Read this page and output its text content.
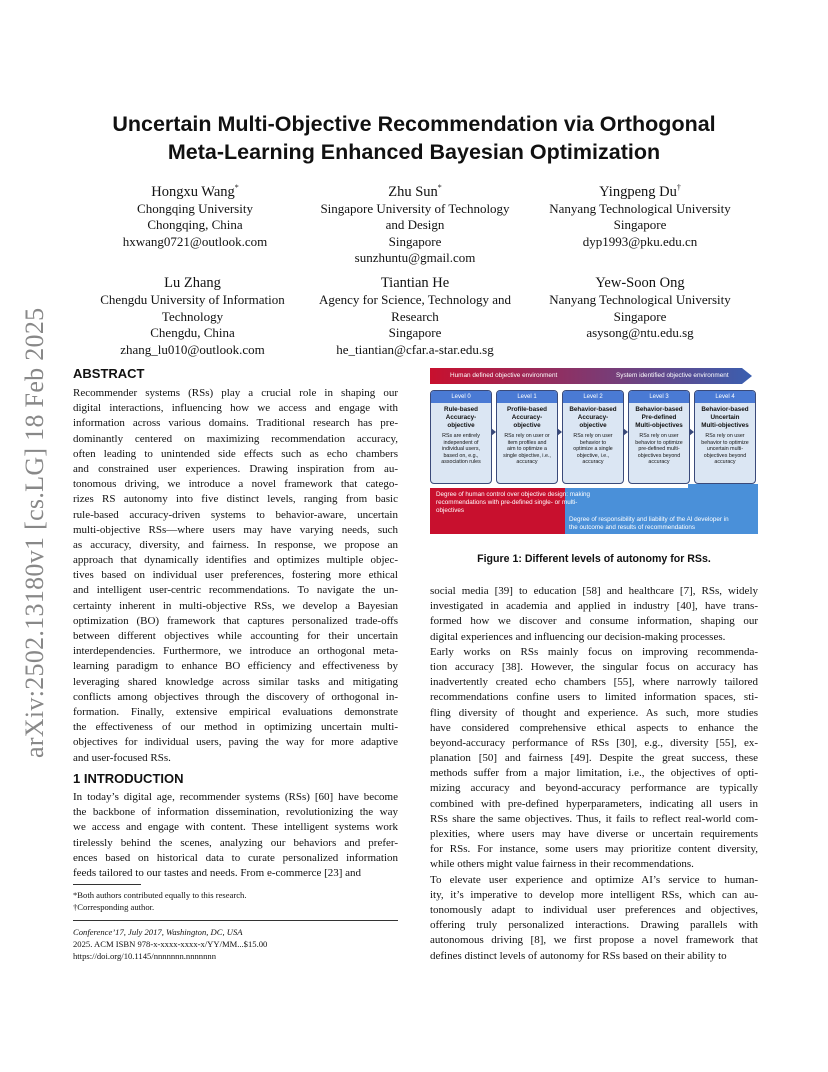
Uncertain Multi-Objective Recommendation via Orthogonal
Meta-Learning Enhanced Bayesian Optimization
Hongxu Wang*
Chongqing University
Chongqing, China
hxwang0721@outlook.com
Zhu Sun*
Singapore University of Technology
and Design
Singapore
sunzhuntu@gmail.com
Yingpeng Du†
Nanyang Technological University
Singapore
dyp1993@pku.edu.cn
Lu Zhang
Chengdu University of Information
Technology
Chengdu, China
zhang_lu010@outlook.com
Tiantian He
Agency for Science, Technology and
Research
Singapore
he_tiantian@cfar.a-star.edu.sg
Yew-Soon Ong
Nanyang Technological University
Singapore
asysong@ntu.edu.sg
arXiv:2502.13180v1 [cs.LG] 18 Feb 2025 ABSTRACT
Recommender systems (RSs) play a crucial role in shaping our
digital interactions, influencing how we access and engage with
information across various domains. Traditional research has pre-
dominantly centered on maximizing recommendation accuracy,
often leading to unintended side effects such as echo chambers
and constrained user experiences. Drawing inspiration from au-
tonomous driving, we introduce a novel framework that catego-
rizes RS autonomy into five distinct levels, ranging from basic
rule-based accuracy-driven systems to behavior-aware, uncertain
multi-objective RSs—where users may have varying needs, such
as accuracy, diversity, and fairness. In response, we propose an
approach that dynamically identifies and optimizes multiple objec-
tives based on individual user preferences, fostering more ethical
and intelligent user-centric recommendations. To navigate the un-
certainty inherent in multi-objective RSs, we develop a Bayesian
optimization (BO) framework that captures personalized trade-offs
between different objectives while accounting for their uncertain
interdependencies. Furthermore, we introduce an orthogonal meta-
learning paradigm to enhance BO efficiency and effectiveness by
leveraging shared knowledge across similar tasks and mitigating
conflicts among objectives through the discovery of orthogonal in-
formation. Finally, extensive empirical evaluations demonstrate
the effectiveness of our method in optimizing uncertain multi-
objectives for individual users, paving the way for more adaptive
and user-focused RSs.
1 INTRODUCTION
In today’s digital age, recommender systems (RSs) [60] have become
the backbone of information dissemination, revolutionizing the way
we access and engage with content. These intelligent systems work
tirelessly behind the scenes, analyzing our behaviors and prefer-
ences based on historical data to curate personalized information
feeds tailored to our tastes and needs. From e-commerce [23] and
*Both authors contributed equally to this research.
†Corresponding author.
Conference’17, July 2017, Washington, DC, USA
2025. ACM ISBN 978-x-xxxx-xxxx-x/YY/MM...$15.00
https://doi.org/10.1145/nnnnnnn.nnnnnnn
Human defined objective environment	System identified objective environment
Level 0
Rule-based
Accuracy-
objective
RSs are entirely
independent of
individual users,
based on, e.g.,
association rules
Level 1
Profile-based
Accuracy-
objective
RSs rely on user or
item profiles and
aim to optimize a
single objective, i.e.,
accuracy
Level 2
Behavior-based
Accuracy-
objective
RSs rely on user
behavior to
optimize a single
objective, i.e.,
accuracy
Level 3
Behavior-based
Pre-defined
Multi-objectives
RSs rely on user
behavior to optimize
pre-defined multi-
objectives beyond
accuracy
Level 4
Behavior-based
Uncertain
Multi-objectives
RSs rely on user
behavior to optimize
uncertain multi-
objectives beyond
accuracy
Degree of human control over objective design: making
recommendations with pre-defined single- or multi-
objectives
Degree of responsibility and liability of the AI developer in
the outcome and results of recommendations
Figure 1: Different levels of autonomy for RSs.
social media [39] to education [58] and healthcare [7], RSs, widely
investigated in academia and applied in industry [40], have trans-
formed how we discover and consume information, shaping our
digital experiences and influencing our decision-making processes.
Early works on RSs mainly focus on improving recommenda-
tion accuracy [38]. However, the singular focus on accuracy has
inadvertently created echo chambers [55], where narrowly tailored
recommendations confine users to limited information spaces, sti-
fling diversity of thought and experience. As such, more studies
have considered comprehensive ethical aspects to enhance the
beyond-accuracy performance of RSs [30], e.g., diversity [55], ex-
planation [50] and fairness [49]. Despite the great success, these
methods suffer from a major limitation, i.e., the objectives of opti-
mizing accuracy and beyond-accuracy performance are typically
combined with pre-defined hyperparameters, indicating all users in
RSs share the same objectives. Thus, it fails to reflect real-world com-
plexities, where users may have diverse or uncertain requirements
for RSs. For instance, some users may prioritize content diversity,
while others might value fairness in their recommendations.
To elevate user experience and optimize AI’s service to human-
ity, it’s imperative to develop more intelligent RSs, which can au-
tonomously adapt to individual user preferences and objectives,
offering truly personalized interactions. Drawing parallels with
autonomous driving [8], we first propose a novel framework that
defines distinct levels of autonomy for RSs based on their ability to
